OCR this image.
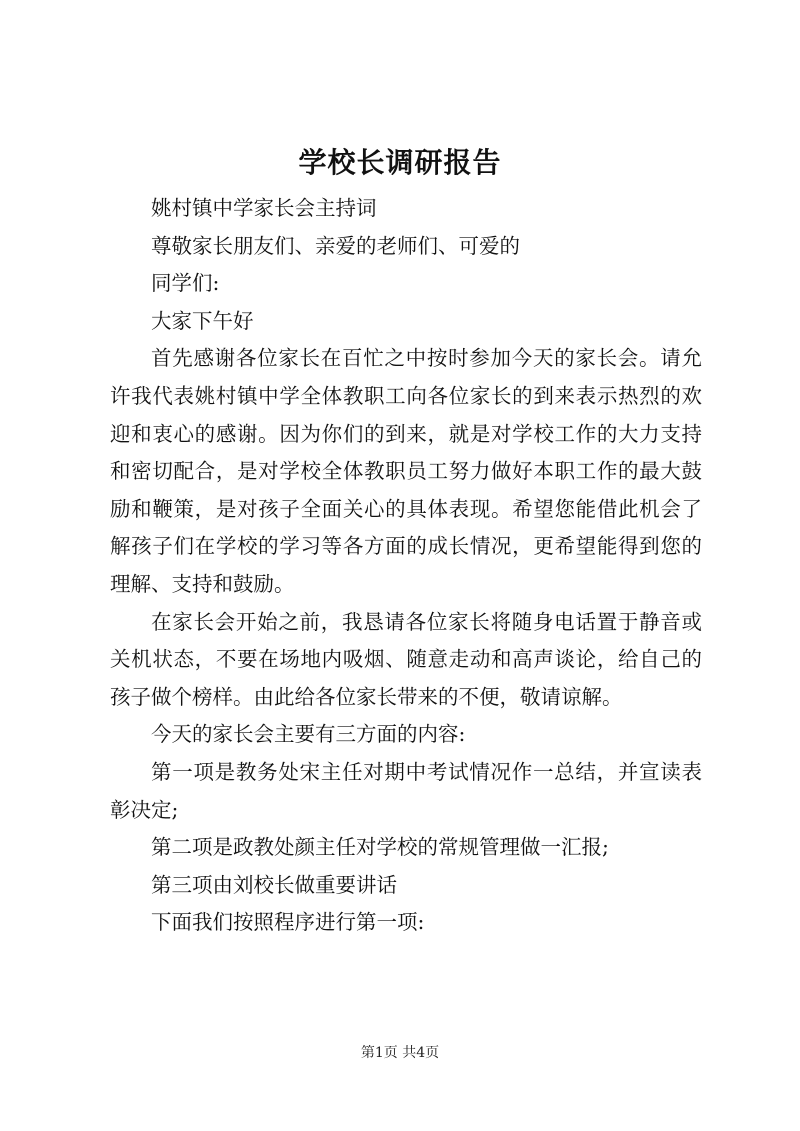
学校长调研报告

姚村镇中学家长会主持词

尊敬家长朋友们、亲爱的老师们、可爱的

同学们:

大家下午好

首先感谢各位家长在百忙之中按时参加今天的家长会。请允许我代表姚村镇中学全体教职工向各位家长的到来表示热烈的欢迎和衷心的感谢。因为你们的到来，就是对学校工作的大力支持和密切配合，是对学校全体教职员工努力做好本职工作的最大鼓励和鞭策，是对孩子全面关心的具体表现。希望您能借此机会了解孩子们在学校的学习等各方面的成长情况，更希望能得到您的理解、支持和鼓励。

在家长会开始之前，我恳请各位家长将随身电话置于静音或关机状态，不要在场地内吸烟、随意走动和高声谈论，给自己的孩子做个榜样。由此给各位家长带来的不便，敬请谅解。

今天的家长会主要有三方面的内容:

第一项是教务处宋主任对期中考试情况作一总结，并宣读表彰决定;

第二项是政教处颜主任对学校的常规管理做一汇报;

第三项由刘校长做重要讲话

下面我们按照程序进行第一项:

第1页 共4页
